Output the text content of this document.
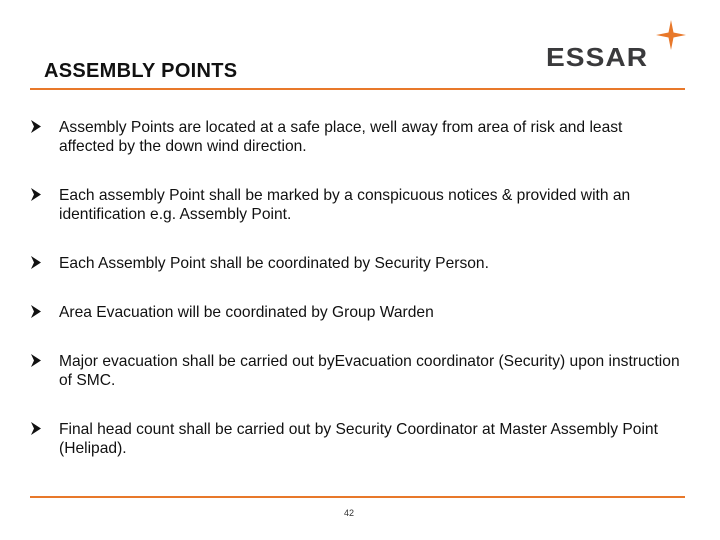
ASSEMBLY POINTS	ESSAR
Assembly Points are located at a safe place, well away from area of risk and least affected by the down wind direction.
Each assembly Point shall be marked by a conspicuous notices & provided with an identification e.g. Assembly Point.
Each Assembly Point shall be coordinated by Security Person.
Area Evacuation will be coordinated by Group Warden
Major evacuation shall be carried out byEvacuation coordinator (Security) upon instruction of SMC.
Final head count shall be carried out by Security Coordinator at Master Assembly Point (Helipad).
42
